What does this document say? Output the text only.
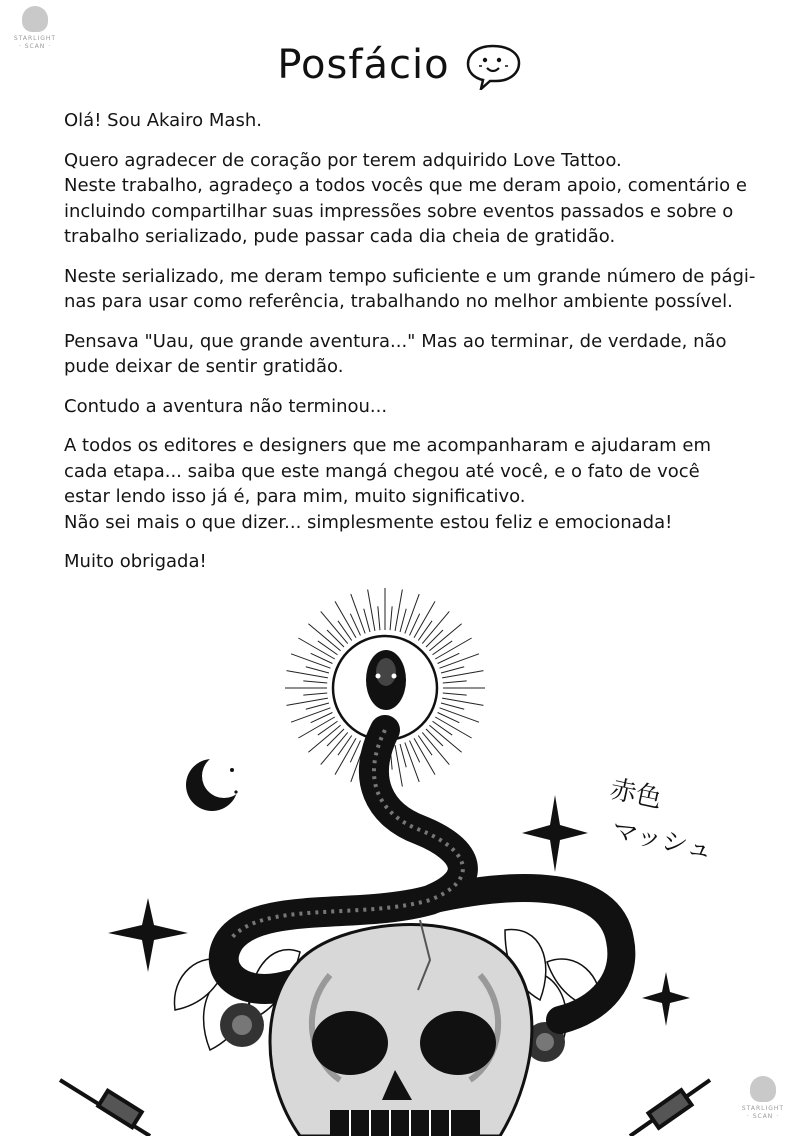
STARLIGHT
· SCAN ·	Posfácio

Olá! Sou Akairo Mash.

Quero agradecer de coração por terem adquirido Love Tattoo.
Neste trabalho, agradeço a todos vocês que me deram apoio, comentário e
incluindo compartilhar suas impressões sobre eventos passados e sobre o
trabalho serializado, pude passar cada dia cheia de gratidão.

Neste serializado, me deram tempo suficiente e um grande número de pági-
nas para usar como referência, trabalhando no melhor ambiente possível.

Pensava "Uau, que grande aventura..." Mas ao terminar, de verdade, não
pude deixar de sentir gratidão.

Contudo a aventura não terminou...

A todos os editores e designers que me acompanharam e ajudaram em
cada etapa... saiba que este mangá chegou até você, e o fato de você
estar lendo isso já é, para mim, muito significativo.
Não sei mais o que dizer... simplesmente estou feliz e emocionada!

Muito obrigada!

赤色
マッシュ
STARLIGHT
· SCAN ·
